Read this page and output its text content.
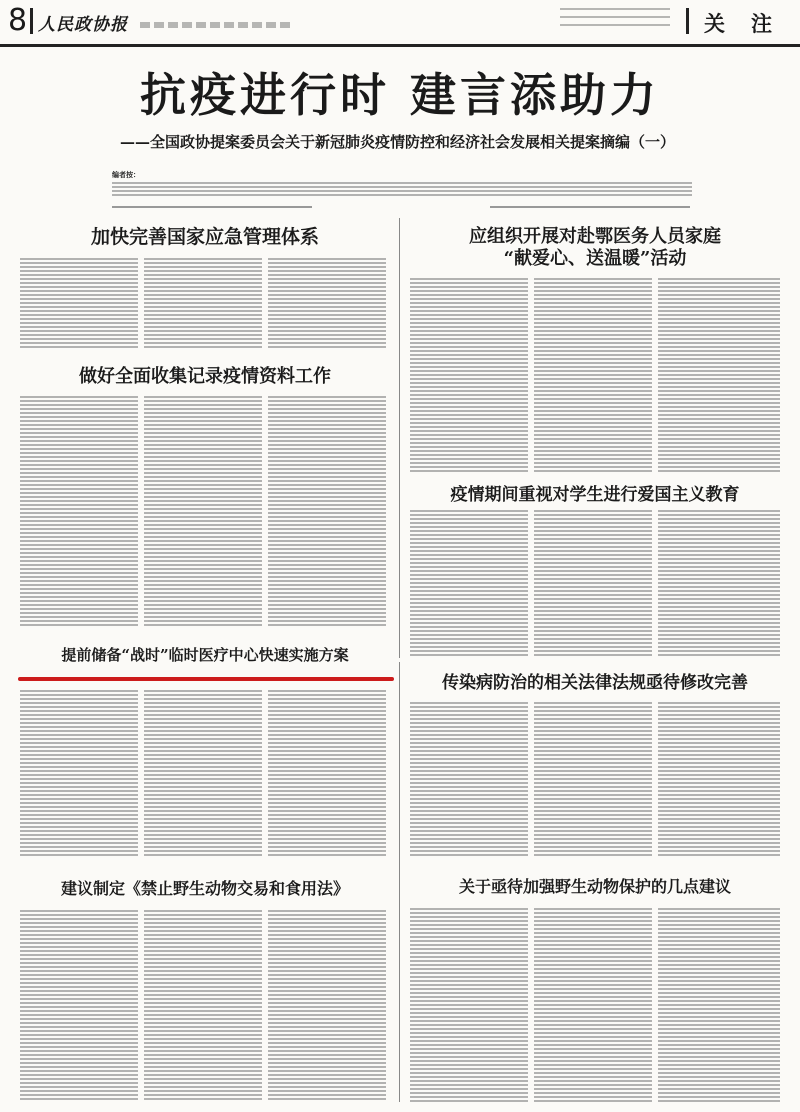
8 人民政协报	关注
抗疫进行时 建言添助力
——全国政协提案委员会关于新冠肺炎疫情防控和经济社会发展相关提案摘编（一）
编者按：
加快完善国家应急管理体系	应组织开展对赴鄂医务人员家庭
“献爱心、送温暖”活动
做好全面收集记录疫情资料工作
疫情期间重视对学生进行爱国主义教育
提前储备“战时”临时医疗中心快速实施方案
传染病防治的相关法律法规亟待修改完善
建议制定《禁止野生动物交易和食用法》	关于亟待加强野生动物保护的几点建议
